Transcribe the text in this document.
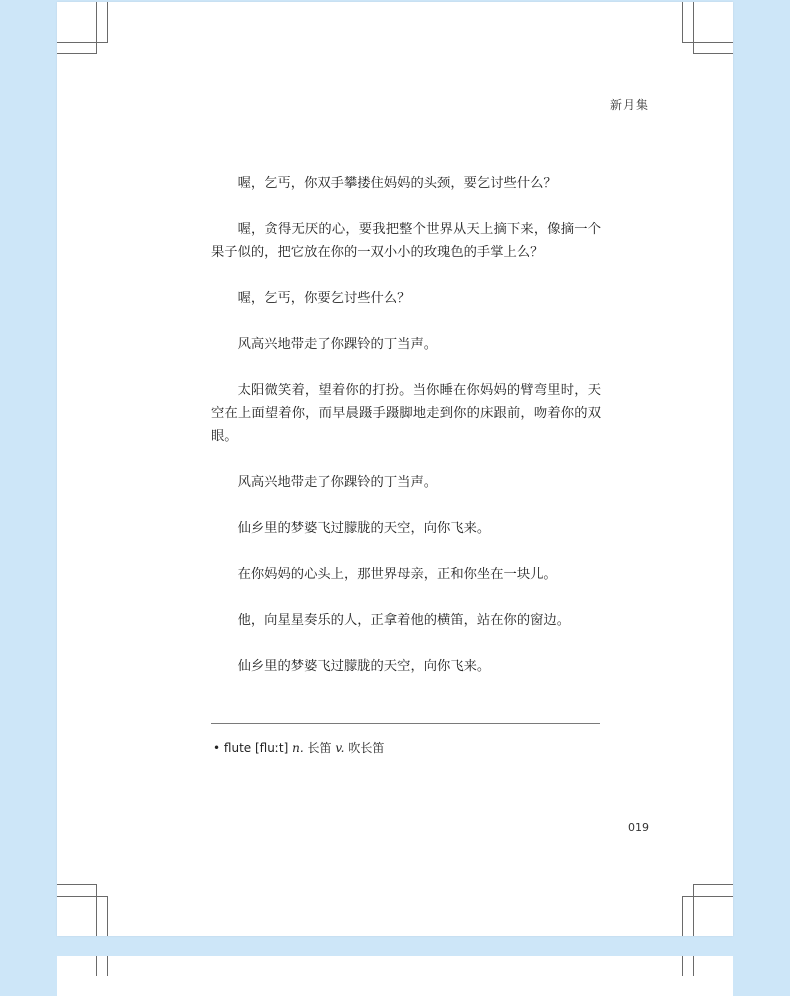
新月集

喔，乞丐，你双手攀搂住妈妈的头颈，要乞讨些什么？

喔，贪得无厌的心，要我把整个世界从天上摘下来，像摘一个果子似的，把它放在你的一双小小的玫瑰色的手掌上么？

喔，乞丐，你要乞讨些什么？

风高兴地带走了你踝铃的丁当声。

太阳微笑着，望着你的打扮。当你睡在你妈妈的臂弯里时，天空在上面望着你，而早晨蹑手蹑脚地走到你的床跟前，吻着你的双眼。

风高兴地带走了你踝铃的丁当声。

仙乡里的梦婆飞过朦胧的天空，向你飞来。

在你妈妈的心头上，那世界母亲，正和你坐在一块儿。

他，向星星奏乐的人，正拿着他的横笛，站在你的窗边。

仙乡里的梦婆飞过朦胧的天空，向你飞来。

• flute [fluːt] n. 长笛 v. 吹长笛
019
